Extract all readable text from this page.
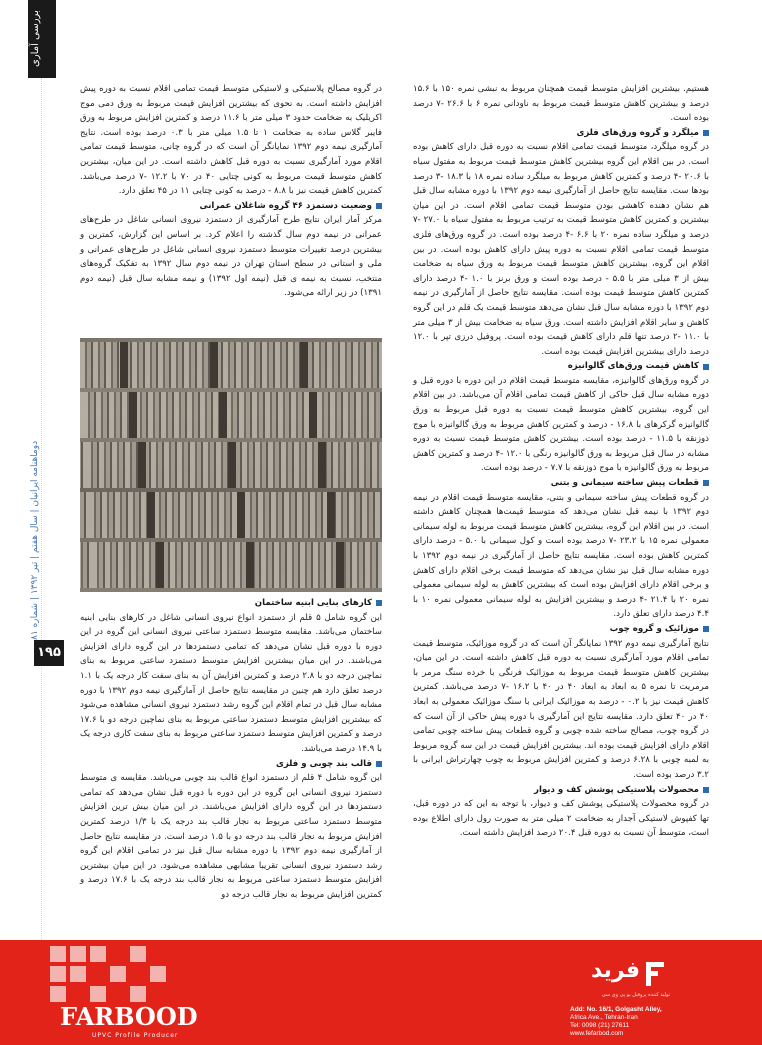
بررسی آماری
دوماهنامه ایرانیان | سال هفتم | تیر ۱۳۹۲ | شماره ۸۱
۱۹۵

هستیم. بیشترین افزایش متوسط قیمت همچنان مربوط به نبشی نمره ۱۵۰ با ۱۵.۶ درصد و بیشترین کاهش متوسط قیمت مربوط به ناودانی نمره ۶ با ۲۶.۶ -۷ درصد بوده است.

میلگرد و گروه ورق‌های فلزی

در گروه میلگرد، متوسط قیمت تمامی اقلام نسبت به دوره قبل دارای کاهش بوده است. در بین اقلام این گروه بیشترین کاهش متوسط قیمت مربوط به مفتول سیاه با ۲۰.۶ -۴ درصد و کمترین کاهش مربوط به میلگرد ساده نمره ۱۸ با ۱۸.۳ -۳ درصد بودها ست. مقایسه نتایج حاصل از آمارگیری نیمه دوم ۱۳۹۲ با دوره مشابه سال قبل هم نشان دهنده کاهشی بودن متوسط قیمت تمامی اقلام است. در این میان بیشترین و کمترین کاهش متوسط قیمت به ترتیب مربوط به مفتول سیاه با ۲۷.۰ -۷ درصد و میلگرد ساده نمره ۲۰ با ۶.۶ -۴ درصد بوده است. در گروه ورق‌های فلزی متوسط قیمت تمامی اقلام نسبت به دوره پیش دارای کاهش بوده است. در بین اقلام این گروه، بیشترین کاهش متوسط قیمت مربوط به ورق سیاه به ضخامت بیش از ۳ میلی متر با ۵.۵ - درصد بوده است و ورق برنز با ۱.۰ -۴ درصد دارای کمترین کاهش متوسط قیمت بوده است. مقایسه نتایج حاصل از آمارگیری در نیمه دوم ۱۳۹۲ با دوره مشابه سال قبل نشان می‌دهد متوسط قیمت یک قلم در این گروه کاهش و سایر اقلام افزایش داشته است. ورق سیاه به ضخامت بیش از ۳ میلی متر با ۱۱.۰ -۲ درصد تنها قلم دارای کاهش قیمت بوده است. پروفیل درزی تپر با ۱۲.۰ درصد دارای بیشترین افزایش قیمت بوده است.

کاهش قیمت ورق‌های گالوانیزه

در گروه ورق‌های گالوانیزه، مقایسه متوسط قیمت اقلام در این دوره با دوره قبل و دوره مشابه سال قبل حاکی از کاهش قیمت تمامی اقلام آن می‌باشد. در بین اقلام این گروه، بیشترین کاهش متوسط قیمت نسبت به دوره قبل مربوط به ورق گالوانیزه گرکرهای با ۱۶.۸ - درصد و کمترین کاهش مربوط به ورق گالوانیزه با موج ذوزنقه با ۱۱.۵ - درصد بوده است. بیشترین کاهش متوسط قیمت نسبت به دوره مشابه در سال قبل مربوط به ورق گالوانیزه رنگی با ۱۲.۰ -۴ درصد و کمترین کاهش مربوط به ورق گالوانیزه با موج ذوزنقه با ۷.۷ - درصد بوده است.

قطعات پیش ساخته سیمانی و بتنی

در گروه قطعات پیش ساخته سیمانی و بتنی، مقایسه متوسط قیمت اقلام در نیمه دوم ۱۳۹۲ با نیمه قبل نشان می‌دهد که متوسط قیمت‌ها همچنان کاهش داشته است. در بین اقلام این گروه، بیشترین کاهش متوسط قیمت مربوط به لوله سیمانی معمولی نمره ۱۵ با ۲۳.۲ -۷ درصد بوده است و کول سیمانی با ۵.۰ - درصد دارای کمترین کاهش بوده است. مقایسه نتایج حاصل از آمارگیری در نیمه دوم ۱۳۹۲ با دوره مشابه سال قبل نیز نشان می‌دهد که متوسط قیمت برخی اقلام دارای کاهش و برخی اقلام دارای افزایش بوده است که بیشترین کاهش به لوله سیمانی معمولی نمره ۲۰ با ۲۱.۴ -۴ درصد و بیشترین افزایش به لوله سیمانی معمولی نمره ۱۰ با ۴.۴ درصد دارای تعلق دارد.

موزائیک و گروه چوب

نتایج آمارگیری نیمه دوم ۱۳۹۲ نمایانگر آن است که در گروه موزائیک، متوسط قیمت تمامی اقلام مورد آمارگیری نسبت به دوره قبل کاهش داشته است. در این میان، بیشترین کاهش متوسط قیمت مربوط به موزائیک فرنگی با خرده سنگ مرمر با مرمریت تا نمره ۵ به ابعاد به ابعاد ۴۰ در ۴۰ با ۱۶.۲ -۷ درصد می‌باشد. کمترین کاهش قیمت نیز با ۰.۲ - درصد به موزائیک ایرانی با سنگ موزائیک معمولی به ابعاد ۴۰ در ۴۰ تعلق دارد. مقایسه نتایج این آمارگیری با دوره پیش حاکی از آن است که در گروه چوب، مصالح ساخته شده چوبی و گروه قطعات پیش ساخته چوبی تمامی اقلام دارای افزایش قیمت بوده اند. بیشترین افزایش قیمت در این سه گروه مربوط به لمبه چوبی با ۶.۲۸ درصد و کمترین افزایش مربوط به چوب چهارتراش ایرانی با ۳.۲ درصد بوده است.

محصولات پلاستیکی پوشش کف و دیوار

در گروه محصولات پلاستیکی پوشش کف و دیوار، با توجه به این که در دوره قبل، تها کفپوش لاستیکی آجدار به ضخامت ۲ میلی متر به صورت رول دارای اطلاع بوده است، متوسط آن نسبت به دوره قبل ۲۰.۴ درصد افزایش داشته است.

در گروه مصالح پلاستیکی و لاستیکی متوسط قیمت تمامی اقلام نسبت به دوره پیش افزایش داشته است. به نحوی که بیشترین افزایش قیمت مربوط به ورق دمی موج اکریلیک به ضخامت حدود ۳ میلی متر با ۱۱.۶ درصد و کمترین افزایش مربوط به ورق فایبر گلاس ساده به ضخامت ۱ تا ۱.۵ میلی متر با ۰.۳ درصد بوده است. نتایج آمارگیری نیمه دوم ۱۳۹۲ نمایانگر آن است که در گروه چانی، متوسط قیمت تمامی اقلام مورد آمارگیری نسبت به دوره قبل کاهش داشته است. در این میان، بیشترین کاهش متوسط قیمت مربوط به کونی چتایی ۴۰ در ۷۰ با ۱۲.۲ -۷ درصد می‌باشد. کمترین کاهش قیمت نیز با ۸.۸ - درصد به کونی چتایی ۱۱ در ۴۵ تعلق دارد.

وضعیت دستمزد ۴۶ گروه شاغلان عمرانی

مرکز آمار ایران نتایج طرح آمارگیری از دستمزد نیروی انسانی شاغل در طرح‌های عمرانی در نیمه دوم سال گذشته را اعلام کرد. بر اساس این گزارش، کمترین و بیشترین درصد تغییرات متوسط دستمزد نیروی انسانی شاغل در طرح‌های عمرانی و ملی و استانی در سطح استان تهران در نیمه دوم سال ۱۳۹۲ به تفکیک گروه‌های منتخب، نسبت به نیمه ی قبل (نیمه اول ۱۳۹۲) و نیمه مشابه سال قبل (نیمه دوم ۱۳۹۱) در زیر ارائه می‌شود.

کارهای بنایی ابنیه ساختمان

این گروه شامل ۵ قلم از دستمزد انواع نیروی انسانی شاغل در کارهای بنایی ابنیه ساختمان می‌باشد. مقایسه متوسط دستمزد ساعتی نیروی انسانی این گروه در این دوره با دوره قبل نشان می‌دهد که تمامی دستمزدها در این گروه دارای افزایش می‌باشند. در این میان بیشترین افزایش متوسط دستمزد ساعتی مربوط به بنای نماچین درجه دو با ۲.۸ درصد و کمترین افزایش آن به بنای سفت کار درجه یک با ۱.۱ درصد تعلق دارد هم چنین در مقایسه نتایج حاصل از آمارگیری نیمه دوم ۱۳۹۲ با دوره مشابه سال قبل در تمام اقلام این گروه رشد دستمزد نیروی انسانی مشاهده می‌شود که بیشترین افزایش متوسط دستمزد ساعتی مربوط به بنای نماچین درجه دو با ۱۷.۶ درصد و کمترین افزایش متوسط دستمزد ساعتی مربوط به بنای سفت کاری درجه یک با ۱۴.۹ درصد می‌باشد.

قالب بند چوبی و فلزی

این گروه شامل ۴ قلم از دستمزد انواع قالب بند چوبی می‌باشد. مقایسه ی متوسط دستمزد نیروی انسانی این گروه در این دوره با دوره قبل نشان می‌دهد که تمامی دستمزدها در این گروه دارای افزایش می‌باشند. در این میان بیش ترین افزایش متوسط دستمزد ساعتی مربوط به نجار قالب بند درجه یک با ۱/۳ درصد کمترین افزایش مربوط به نجار قالب بند درجه دو با ۱.۵ درصد است. در مقایسه نتایج حاصل از آمارگیری نیمه دوم ۱۳۹۲ با دوره مشابه سال قبل نیز در تمامی اقلام این گروه رشد دستمزد نیروی انسانی تقریبا مشابهی مشاهده می‌شود. در این میان بیشترین افزایش متوسط دستمزد ساعتی مربوط به نجار قالب بند درجه یک با ۱۷.۶ درصد و کمترین افزایش مربوط به نجار قالب درجه دو

FARBOOD
UPVC Profile Producer
فرید
تولید کننده پروفیل یو پی وی سی
Add: No. 16/1, Golgasht Alley,
Africa Ave., Tehran-Iran
Tel: 0098 (21) 27611
www.fefarbod.com
